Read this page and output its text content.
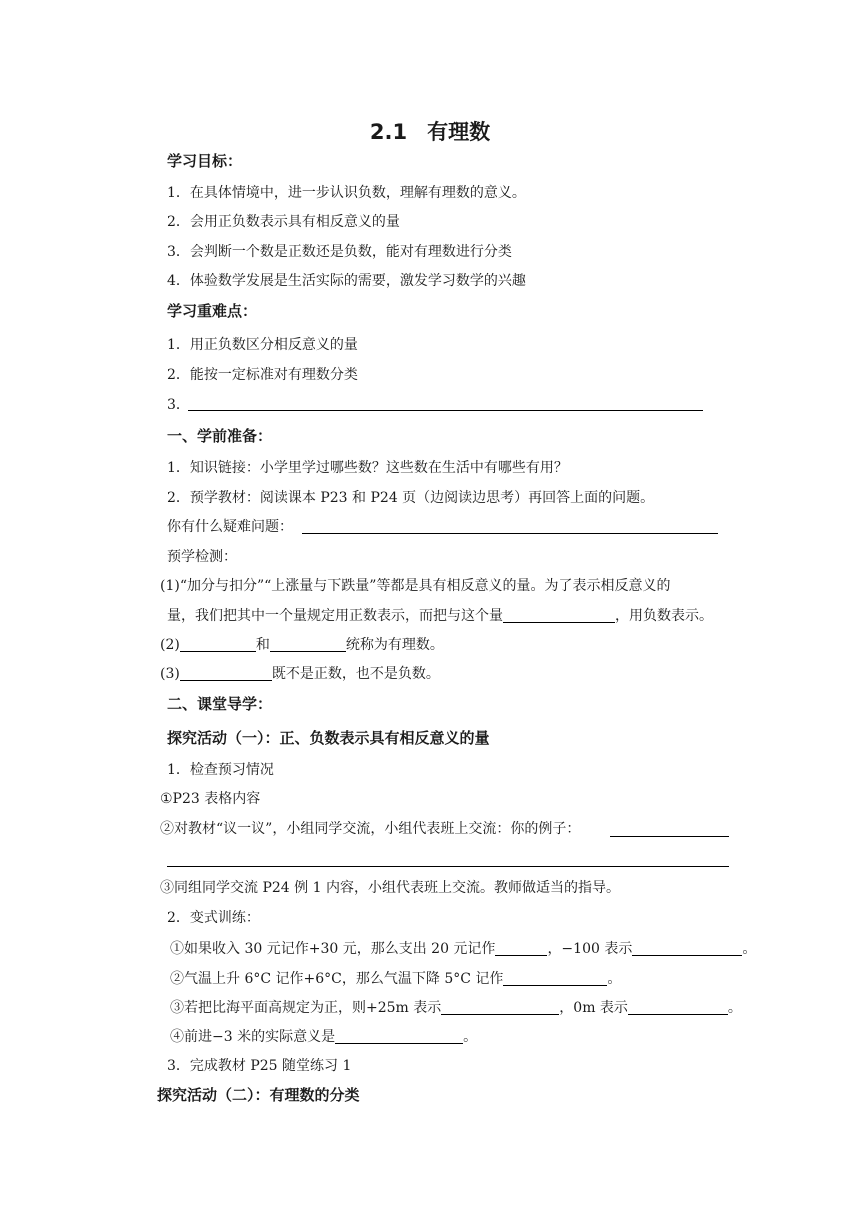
2.1 有理数
学习目标：
1．在具体情境中，进一步认识负数，理解有理数的意义。
2．会用正负数表示具有相反意义的量
3．会判断一个数是正数还是负数，能对有理数进行分类
4．体验数学发展是生活实际的需要，激发学习数学的兴趣
学习重难点：
1．用正负数区分相反意义的量
2．能按一定标准对有理数分类
3．
一、学前准备：
1．知识链接：小学里学过哪些数？这些数在生活中有哪些有用？
2．预学教材：阅读课本 P23 和 P24 页（边阅读边思考）再回答上面的问题。
你有什么疑难问题：
预学检测：
(1)“加分与扣分”“上涨量与下跌量”等都是具有相反意义的量。为了表示相反意义的
量，我们把其中一个量规定用正数表示，而把与这个量	，用负数表示。
(2)	和	统称为有理数。
(3)	既不是正数，也不是负数。
二、课堂导学：
探究活动（一）：正、负数表示具有相反意义的量
1．检查预习情况
①P23 表格内容
②对教材“议一议”，小组同学交流，小组代表班上交流：你的例子：
③同组同学交流 P24 例 1 内容，小组代表班上交流。教师做适当的指导。
2．变式训练：
①如果收入 30 元记作+30 元，那么支出 20 元记作	，−100 表示	。
②气温上升 6°C 记作+6°C，那么气温下降 5°C 记作	。
③若把比海平面高规定为正，则+25m 表示	，0m 表示	。
④前进−3 米的实际意义是	。
3．完成教材 P25 随堂练习 1
探究活动（二）：有理数的分类
